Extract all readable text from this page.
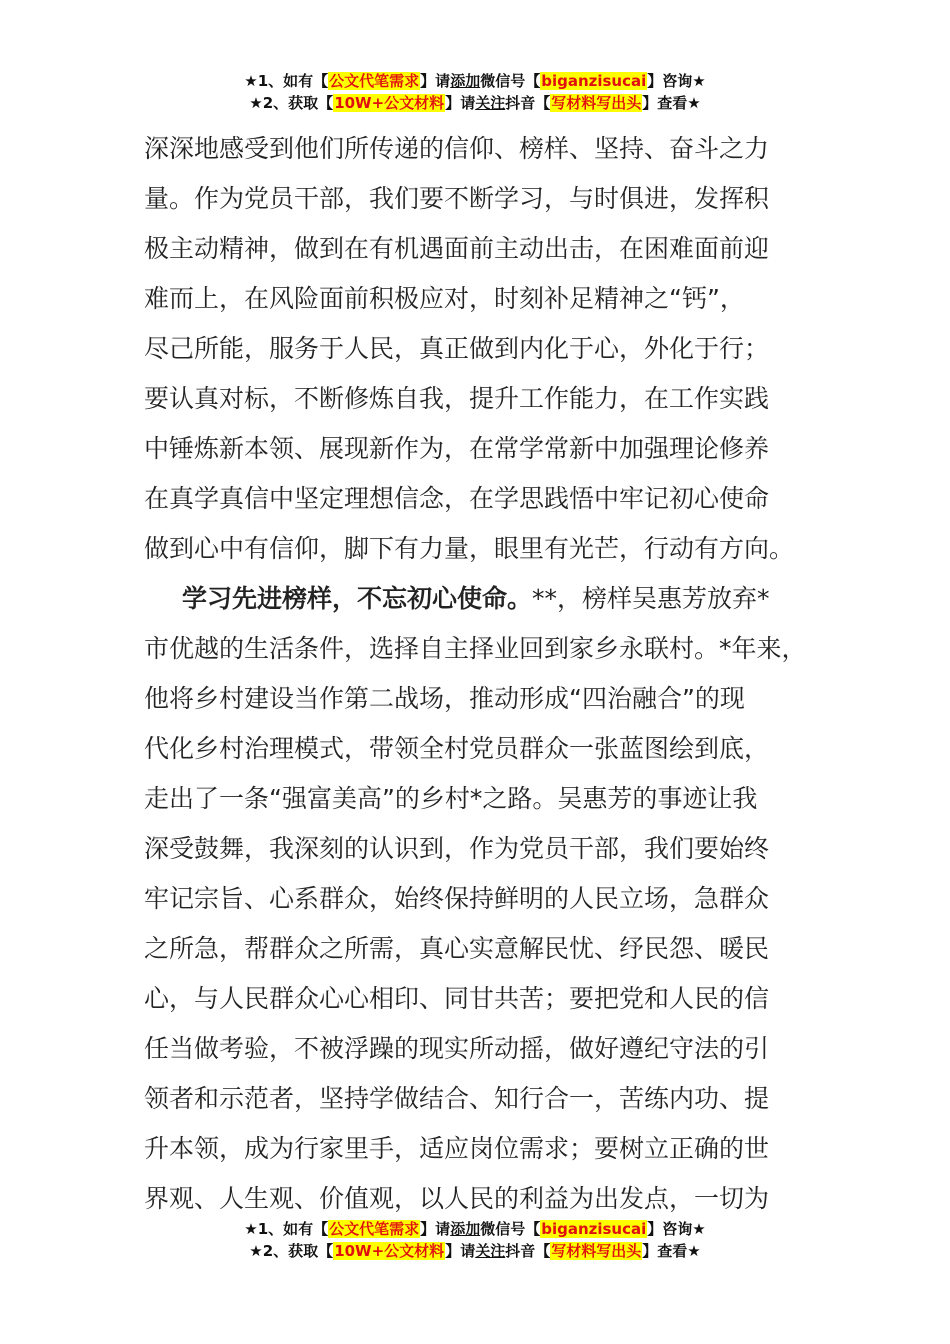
★1、如有【公文代笔需求】请添加微信号【biganzisucai】咨询★
★2、获取【10W+公文材料】请关注抖音【写材料写出头】查看★
深深地感受到他们所传递的信仰、榜样、坚持、奋斗之力
量。作为党员干部，我们要不断学习，与时俱进，发挥积
极主动精神，做到在有机遇面前主动出击，在困难面前迎
难而上，在风险面前积极应对，时刻补足精神之“钙”，
尽己所能，服务于人民，真正做到内化于心，外化于行；
要认真对标，不断修炼自我，提升工作能力，在工作实践
中锤炼新本领、展现新作为，在常学常新中加强理论修养
在真学真信中坚定理想信念，在学思践悟中牢记初心使命
做到心中有信仰，脚下有力量，眼里有光芒，行动有方向。
学习先进榜样，不忘初心使命。**，榜样吴惠芳放弃*
市优越的生活条件，选择自主择业回到家乡永联村。*年来，
他将乡村建设当作第二战场，推动形成“四治融合”的现
代化乡村治理模式，带领全村党员群众一张蓝图绘到底，
走出了一条“强富美高”的乡村*之路。吴惠芳的事迹让我
深受鼓舞，我深刻的认识到，作为党员干部，我们要始终
牢记宗旨、心系群众，始终保持鲜明的人民立场，急群众
之所急，帮群众之所需，真心实意解民忧、纾民怨、暖民
心，与人民群众心心相印、同甘共苦；要把党和人民的信
任当做考验，不被浮躁的现实所动摇，做好遵纪守法的引
领者和示范者，坚持学做结合、知行合一，苦练内功、提
升本领，成为行家里手，适应岗位需求；要树立正确的世
界观、人生观、价值观，以人民的利益为出发点，一切为
★1、如有【公文代笔需求】请添加微信号【biganzisucai】咨询★
★2、获取【10W+公文材料】请关注抖音【写材料写出头】查看★
